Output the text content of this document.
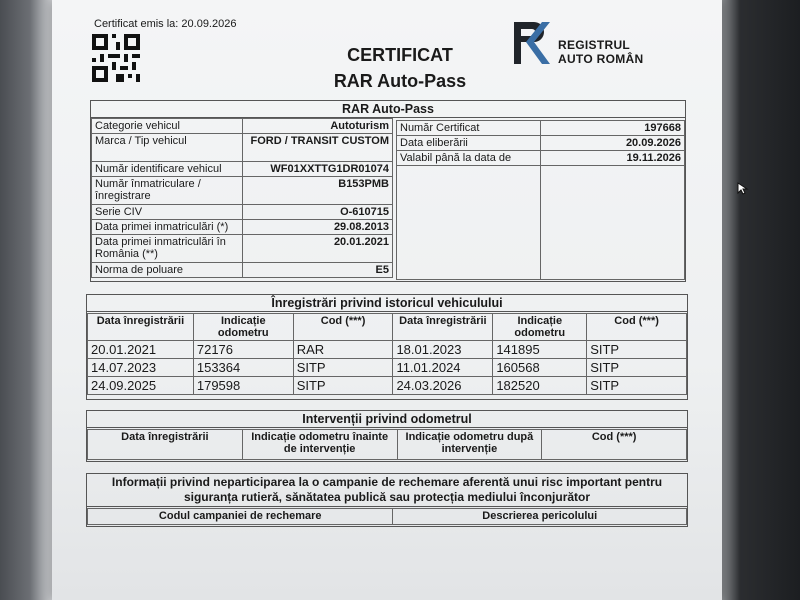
Certificat emis la: 20.09.2026
CERTIFICAT
RAR Auto-Pass
REGISTRUL
AUTO ROMÂN
RAR Auto-Pass
Categorie vehicul	Autoturism
Marca / Tip vehicul	FORD / TRANSIT CUSTOM
Număr identificare vehicul	WF01XXTTG1DR01074
Număr înmatriculare / înregistrare	B153PMB
Serie CIV	O-610715
Data primei inmatriculări (*)	29.08.2013
Data primei inmatriculări în România (**)	20.01.2021
Norma de poluare	E5
Număr Certificat	197668
Data eliberării	20.09.2026
Valabil până la data de	19.11.2026

Înregistrări privind istoricul vehiculului
Data înregistrării	Indicație odometru	Cod (***)	Data înregistrării	Indicație odometru	Cod (***)
20.01.2021	72176	RAR	18.01.2023	141895	SITP
14.07.2023	153364	SITP	11.01.2024	160568	SITP
24.09.2025	179598	SITP	24.03.2026	182520	SITP
Intervenții privind odometrul
Data înregistrării	Indicație odometru înainte de intervenție	Indicație odometru după intervenție	Cod (***)
Informații privind neparticiparea la o campanie de rechemare aferentă unui risc important pentru siguranța rutieră, sănătatea publică sau protecția mediului înconjurător
Codul campaniei de rechemare	Descrierea pericolului
